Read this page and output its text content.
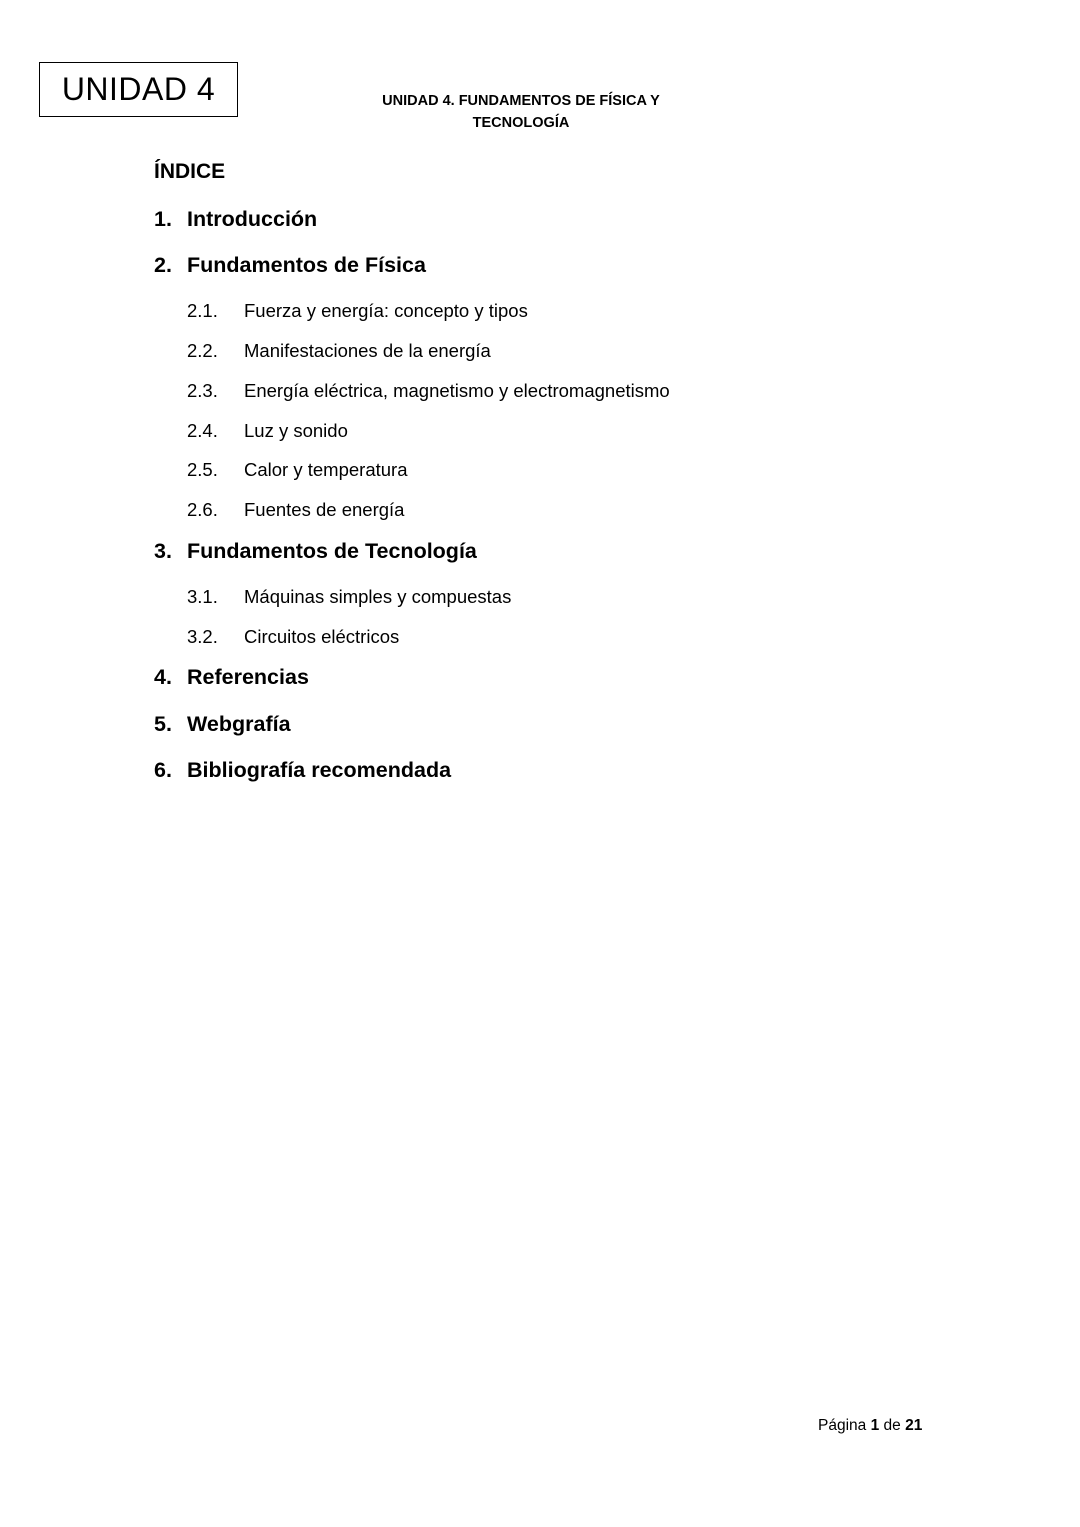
UNIDAD 4	UNIDAD 4. FUNDAMENTOS DE FÍSICA Y
TECNOLOGÍA
ÍNDICE
1. Introducción
2. Fundamentos de Física
2.1.	Fuerza y energía: concepto y tipos
2.2.	Manifestaciones de la energía
2.3.	Energía eléctrica, magnetismo y electromagnetismo
2.4.	Luz y sonido
2.5.	Calor y temperatura
2.6.	Fuentes de energía
3. Fundamentos de Tecnología
3.1.	Máquinas simples y compuestas
3.2.	Circuitos eléctricos
4. Referencias
5. Webgrafía
6. Bibliografía recomendada
Página 1 de 21
